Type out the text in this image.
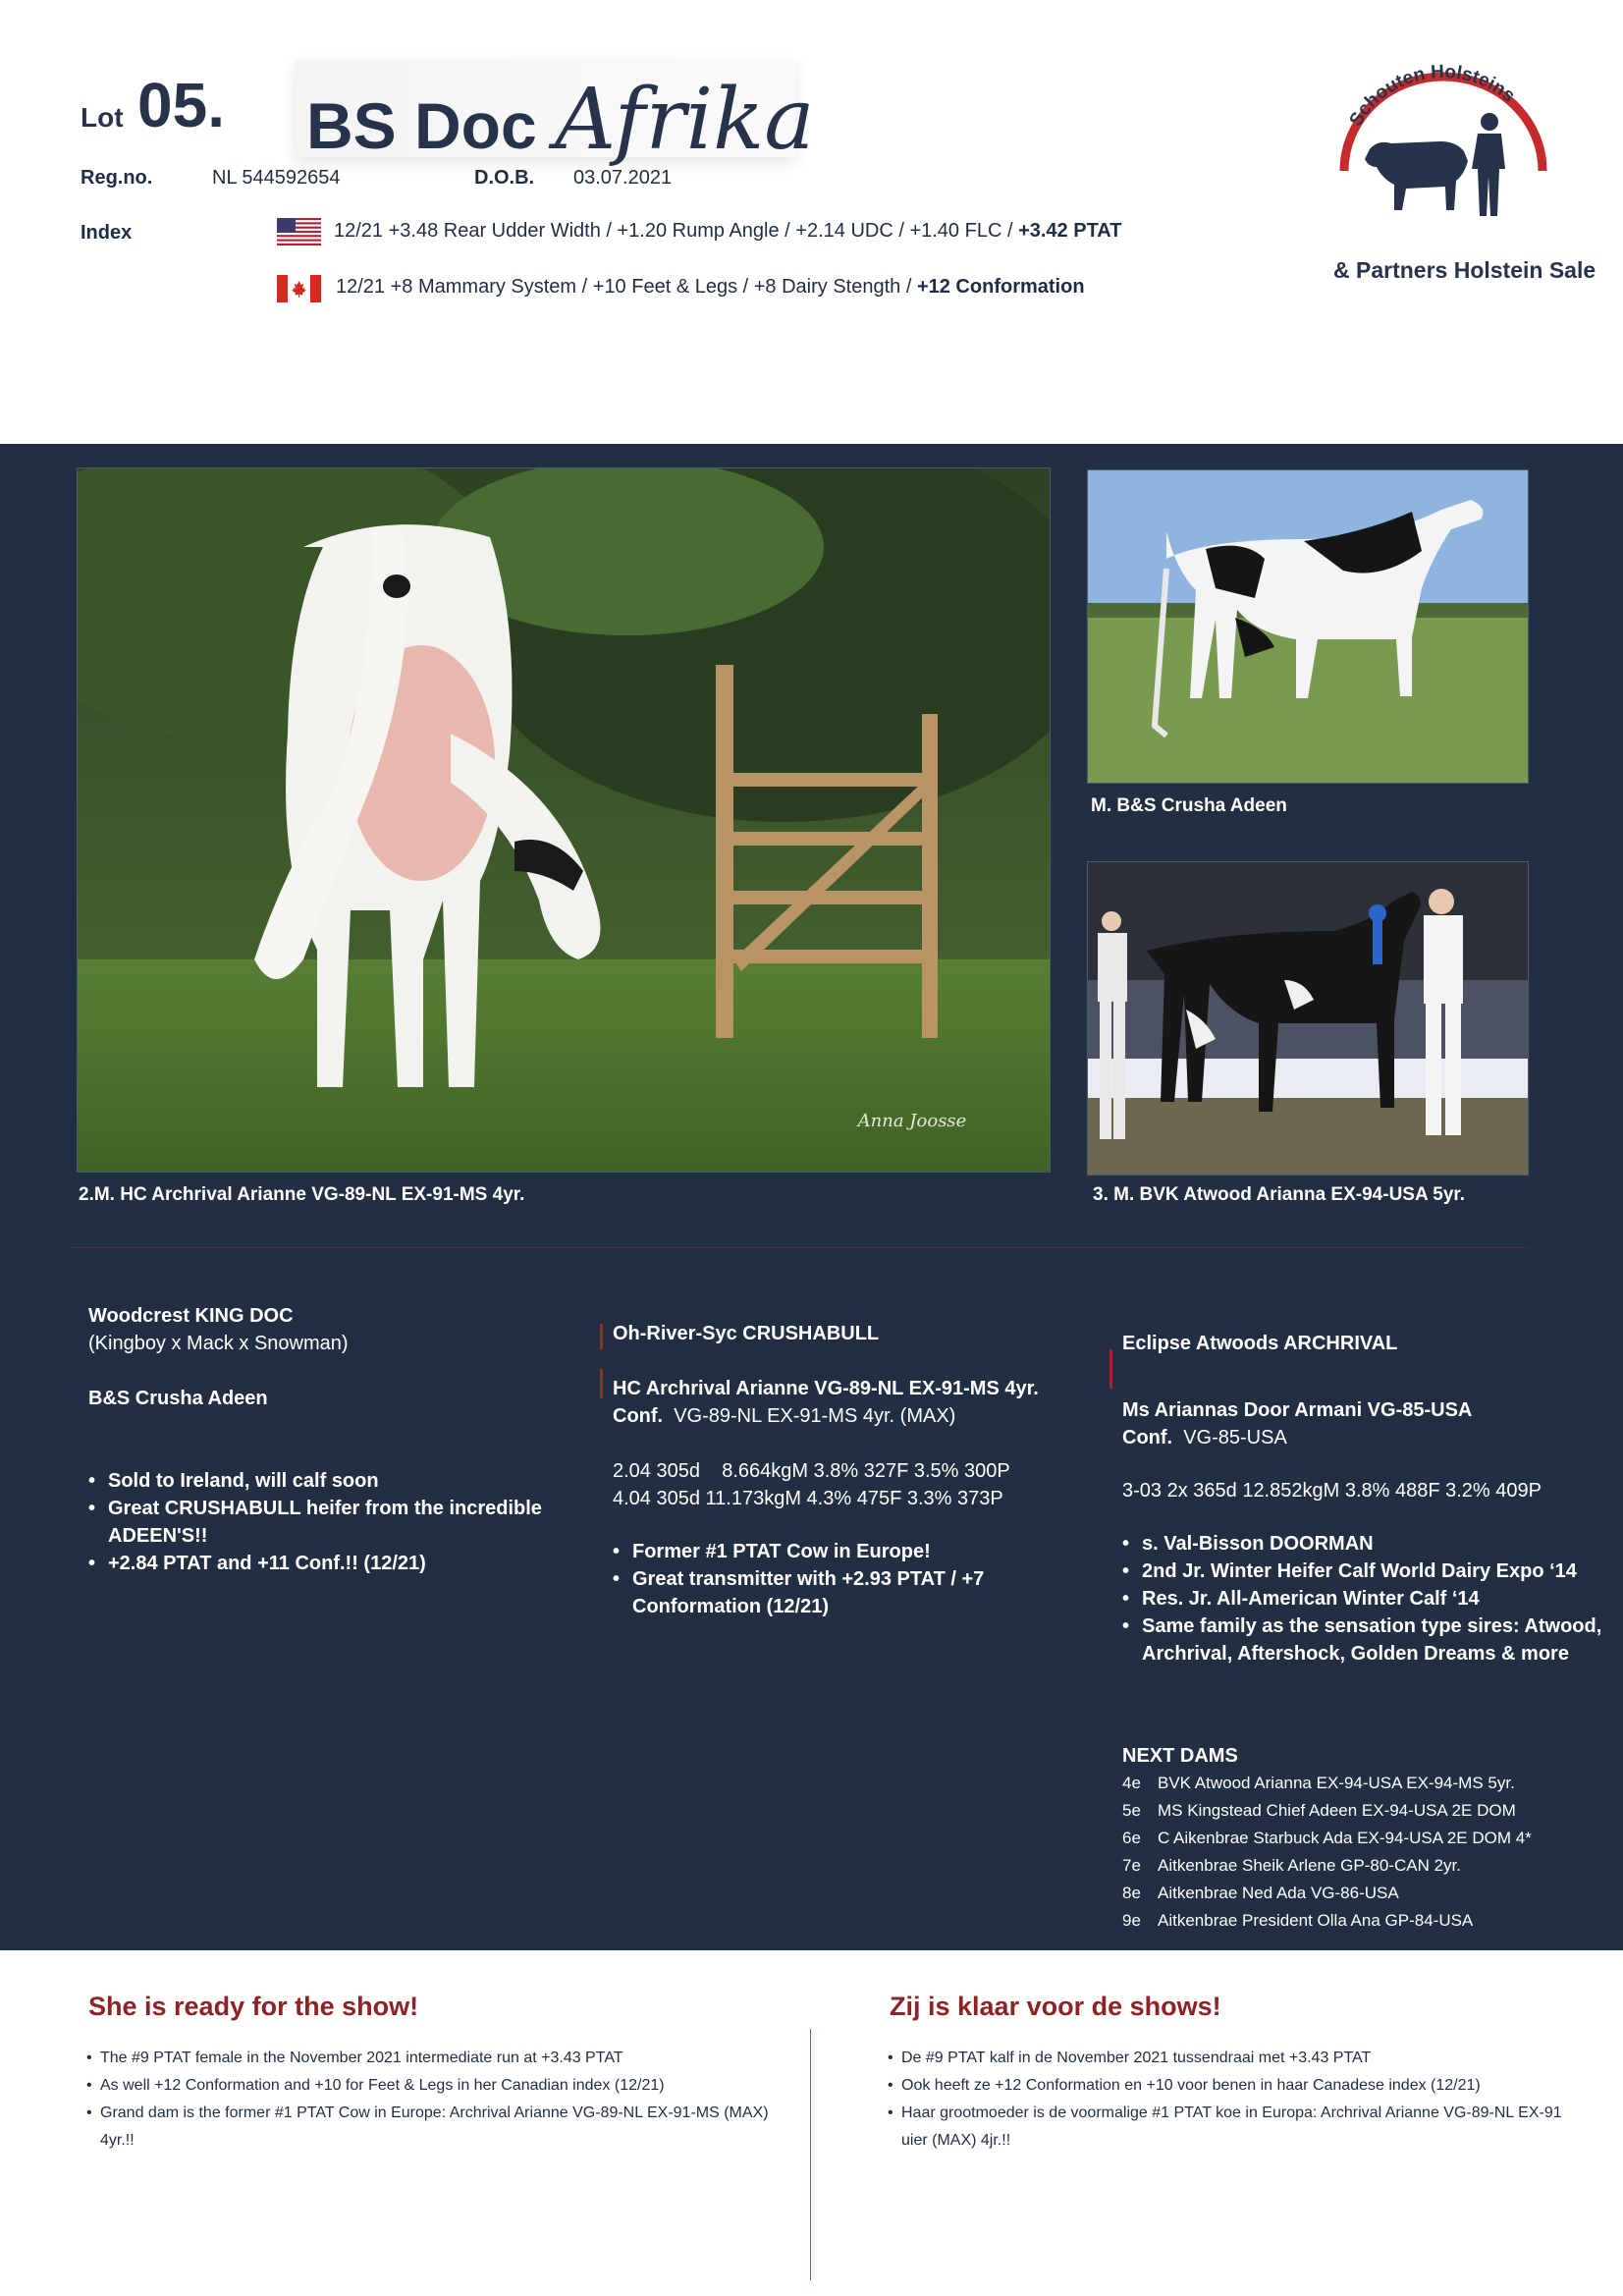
Lot 05. BS Doc Afrika
Reg.no.	NL 544592654	D.O.B. 03.07.2021
Index	12/21 +3.48 Rear Udder Width / +1.20 Rump Angle / +2.14 UDC / +1.40 FLC / +3.42 PTAT
12/21 +8 Mammary System / +10 Feet & Legs / +8 Dairy Stength / +12 Conformation
Schouten Holsteins
& Partners Holstein Sale
Anna Joosse
2.M. HC Archrival Arianne VG-89-NL EX-91-MS 4yr.
M. B&S Crusha Adeen
3. M. BVK Atwood Arianna EX-94-USA 5yr.
Woodcrest KING DOC
(Kingboy x Mack x Snowman)
B&S Crusha Adeen
• Sold to Ireland, will calf soon
• Great CRUSHABULL heifer from the incredible ADEEN'S!!
• +2.84 PTAT and +11 Conf.!! (12/21)
Oh-River-Syc CRUSHABULL
HC Archrival Arianne VG-89-NL EX-91-MS 4yr.
Conf. VG-89-NL EX-91-MS 4yr. (MAX)
2.04 305d    8.664kgM 3.8% 327F 3.5% 300P
4.04 305d 11.173kgM 4.3% 475F 3.3% 373P
• Former #1 PTAT Cow in Europe!
• Great transmitter with +2.93 PTAT / +7 Conformation (12/21)
Eclipse Atwoods ARCHRIVAL
Ms Ariannas Door Armani VG-85-USA
Conf. VG-85-USA
3-03 2x 365d 12.852kgM 3.8% 488F 3.2% 409P
• s. Val-Bisson DOORMAN
• 2nd Jr. Winter Heifer Calf World Dairy Expo ‘14
• Res. Jr. All-American Winter Calf ‘14
• Same family as the sensation type sires: Atwood, Archrival, Aftershock, Golden Dreams & more
NEXT DAMS
4e	BVK Atwood Arianna EX-94-USA EX-94-MS 5yr.
5e	MS Kingstead Chief Adeen EX-94-USA 2E DOM
6e	C Aikenbrae Starbuck Ada EX-94-USA 2E DOM 4*
7e	Aitkenbrae Sheik Arlene GP-80-CAN 2yr.
8e	Aitkenbrae Ned Ada VG-86-USA
9e	Aitkenbrae President Olla Ana GP-84-USA
She is ready for the show!
• The #9 PTAT female in the November 2021 intermediate run at +3.43 PTAT
• As well +12 Conformation and +10 for Feet & Legs in her Canadian index (12/21)
• Grand dam is the former #1 PTAT Cow in Europe: Archrival Arianne VG-89-NL EX-91-MS (MAX) 4yr.!!
Zij is klaar voor de shows!
• De #9 PTAT kalf in de November 2021 tussendraai met +3.43 PTAT
• Ook heeft ze +12 Conformation en +10 voor benen in haar Canadese index (12/21)
• Haar grootmoeder is de voormalige #1 PTAT koe in Europa: Archrival Arianne VG-89-NL EX-91 uier (MAX) 4jr.!!
